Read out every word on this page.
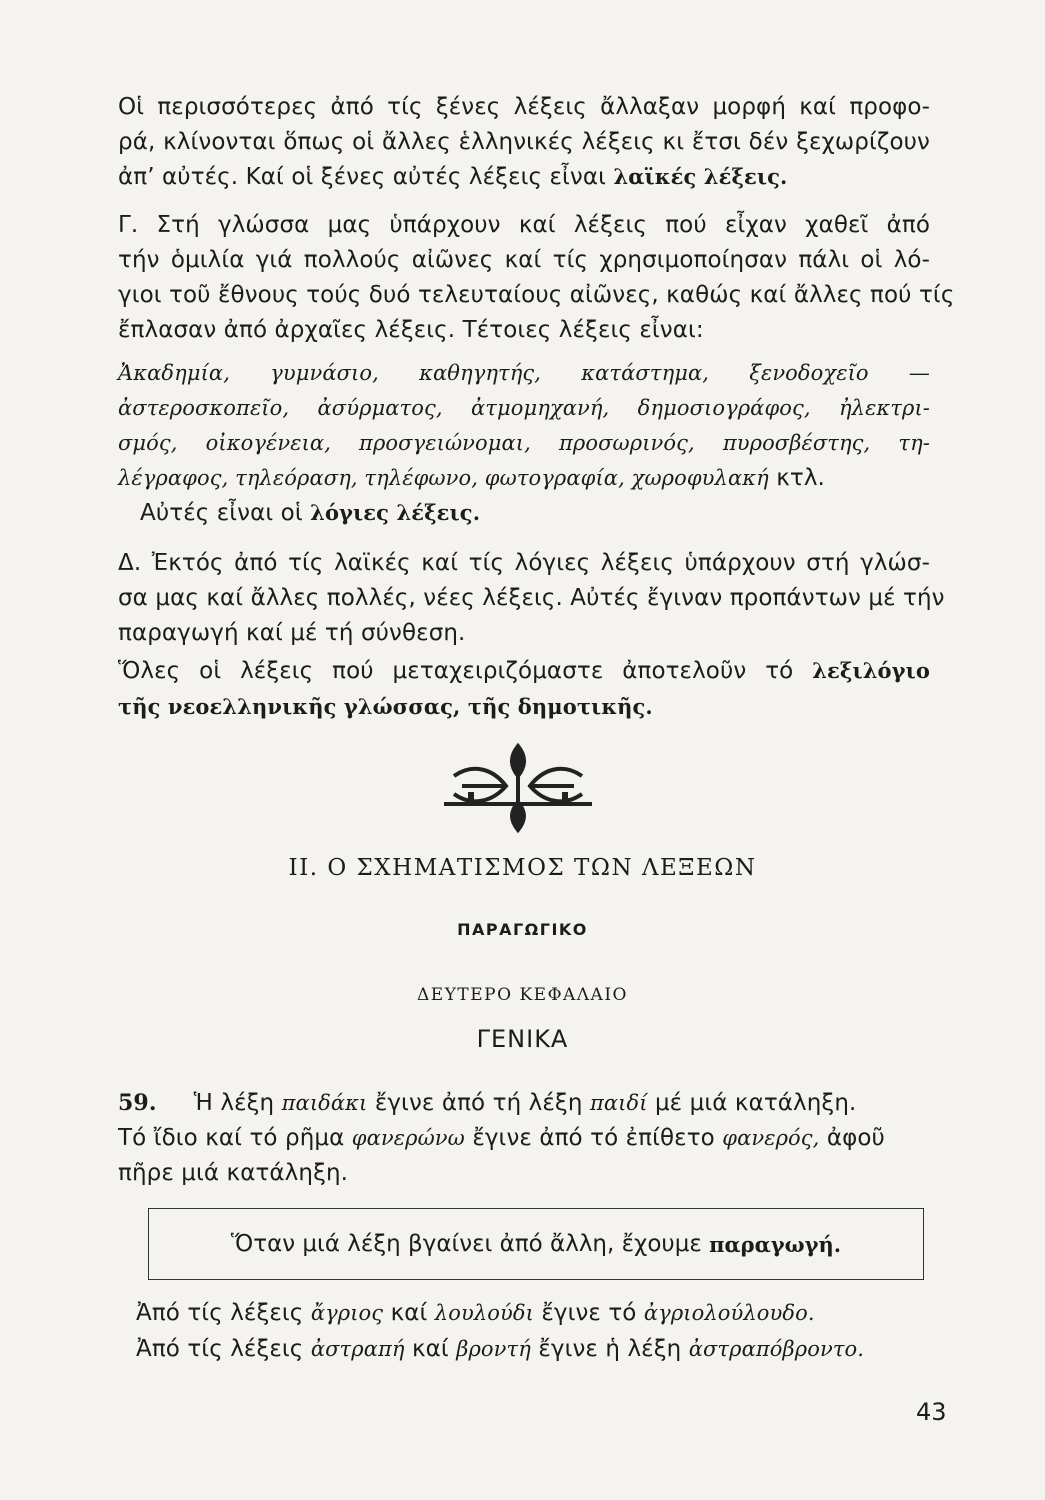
Οἱ περισσότερες ἀπό τίς ξένες λέξεις ἄλλαξαν μορφή καί προφο-
ρά, κλίνονται ὅπως οἱ ἄλλες ἑλληνικές λέξεις κι ἔτσι δέν ξεχωρίζουν
ἀπ’ αὐτές. Καί οἱ ξένες αὐτές λέξεις εἶναι λαϊκές λέξεις.
Γ. Στή γλώσσα μας ὑπάρχουν καί λέξεις πού εἶχαν χαθεῖ ἀπό
τήν ὁμιλία γιά πολλούς αἰῶνες καί τίς χρησιμοποίησαν πάλι οἱ λό-
γιοι τοῦ ἔθνους τούς δυό τελευταίους αἰῶνες, καθώς καί ἄλλες πού τίς
ἔπλασαν ἀπό ἀρχαῖες λέξεις. Τέτοιες λέξεις εἶναι:
Ἀκαδημία, γυμνάσιο, καθηγητής, κατάστημα, ξενοδοχεῖο —
ἀστεροσκοπεῖο, ἀσύρματος, ἀτμομηχανή, δημοσιογράφος, ἠλεκτρι-
σμός, οἰκογένεια, προσγειώνομαι, προσωρινός, πυροσβέστης, τη-
λέγραφος, τηλεόραση, τηλέφωνο, φωτογραφία, χωροφυλακή κτλ.
Αὐτές εἶναι οἱ λόγιες λέξεις.
Δ. Ἐκτός ἀπό τίς λαϊκές καί τίς λόγιες λέξεις ὑπάρχουν στή γλώσ-
σα μας καί ἄλλες πολλές, νέες λέξεις. Αὐτές ἔγιναν προπάντων μέ τήν
παραγωγή καί μέ τή σύνθεση.
Ὅλες οἱ λέξεις πού μεταχειριζόμαστε ἀποτελοῦν τό λεξιλόγιο
τῆς νεοελληνικῆς γλώσσας, τῆς δημοτικῆς.
ΙΙ. Ο ΣΧΗΜΑΤΙΣΜΟΣ ΤΩΝ ΛΕΞΕΩΝ
ΠΑΡΑΓΩΓΙΚΟ
ΔΕΥΤΕΡΟ ΚΕΦΑΛΑΙΟ
ΓΕΝΙΚΑ
59. Ἡ λέξη παιδάκι ἔγινε ἀπό τή λέξη παιδί μέ μιά κατάληξη.
Τό ἴδιο καί τό ρῆμα φανερώνω ἔγινε ἀπό τό ἐπίθετο φανερός, ἀφοῦ
πῆρε μιά κατάληξη.
Ὅταν μιά λέξη βγαίνει ἀπό ἄλλη, ἔχουμε
παραγωγή.
Ἀπό τίς λέξεις ἄγριος καί λουλούδι ἔγινε τό ἀγριολούλουδο.
Ἀπό τίς λέξεις ἀστραπή καί βροντή ἔγινε ἡ λέξη ἀστραπόβροντο.
43
